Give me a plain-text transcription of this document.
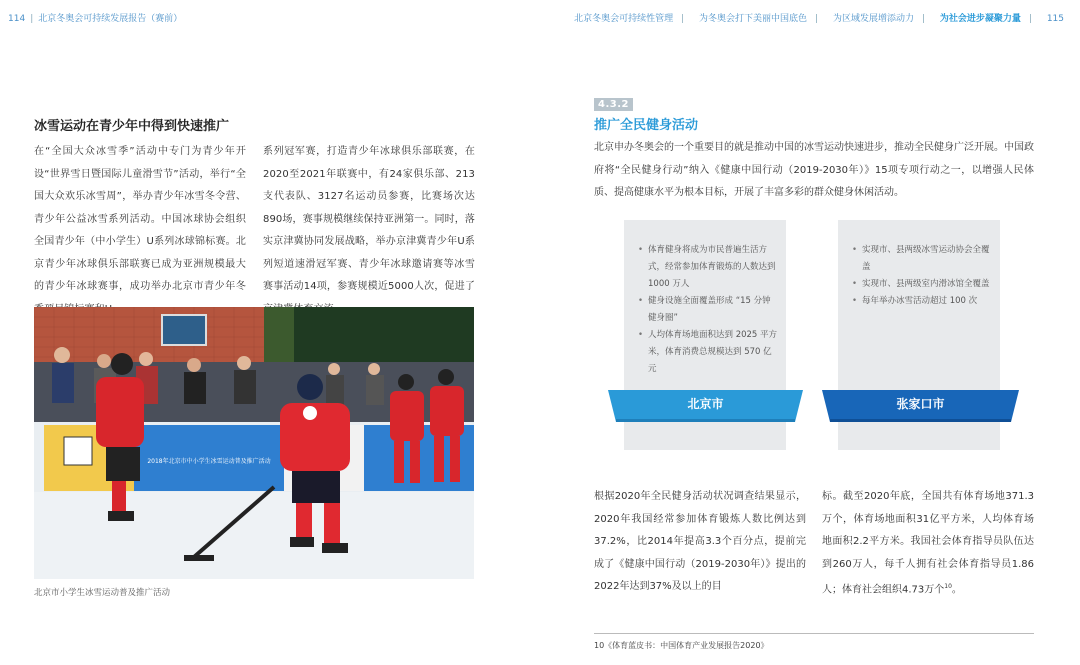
114 | 北京冬奥会可持续发展报告（赛前）
冰雪运动在青少年中得到快速推广
在“全国大众冰雪季”活动中专门为青少年开设“世界雪日暨国际儿童滑雪节”活动，举行“全国大众欢乐冰雪周”，举办青少年冰雪冬令营、青少年公益冰雪系列活动。中国冰球协会组织全国青少年（中小学生）U系列冰球锦标赛。北京青少年冰球俱乐部联赛已成为亚洲规模最大的青少年冰球赛事，成功举办北京市青少年冬
系列冠军赛，打造青少年冰球俱乐部联赛，在2020至2021年联赛中，有24家俱乐部、213支代表队、3127名运动员参赛，比赛场次达890场，赛事规模继续保持亚洲第一。同时，落实京津冀协同发展战略，举办京津冀青少年U系列短道速滑冠军赛、青少年冰球邀请赛等冰雪赛事活动14项，参赛规模近5000人次，促进了
2018年北京市中小学生冰雪运动普及推广活动
北京市小学生冰雪运动普及推广活动
北京冬奥会可持续性管理 | 为冬奥会打下美丽中国底色 | 为区域发展增添动力 | 为社会进步凝聚力量 | 115
4.3.2
推广全民健身活动
北京申办冬奥会的一个重要目的就是推动中国的冰雪运动快速进步，推动全民健身广泛开展。中国政府将“全民健身行动”纳入《健康中国行动（2019-2030年）》15项专项行动之一，以增强人民体质、提高健康水平为根本目标，开展了丰富多彩的群众健身休闲活动。
• 体育健身将成为市民普遍生活方式，经常参加体育锻炼的人数达到 1000 万人
• 健身设施全面覆盖形成 “15 分钟健身圈”
• 人均体育场地面积达到 2025 平方米，体育消费总规模达到 570 亿元
北京市
• 实现市、县两级冰雪运动协会全覆盖
• 实现市、县两级室内滑冰馆全覆盖
• 每年举办冰雪活动超过 100 次
张家口市
根据2020年全民健身活动状况调查结果显示，2020年我国经常参加体育锻炼人数比例达到37.2%，比2014年提高3.3个百分点，提前完成了《健康中国行动（2019-2030年）》提出的2022年达到37%及以上的目
标。截至2020年底，全国共有体育场地371.3万个，体育场地面积31亿平方米，人均体育场地面积2.2平方米。我国社会体育指导员队伍达到260万人，每千人拥有社会体育指导员1.86人；体育社会组织4.73万个$^{10}$。
10《体育蓝皮书：中国体育产业发展报告2020》
